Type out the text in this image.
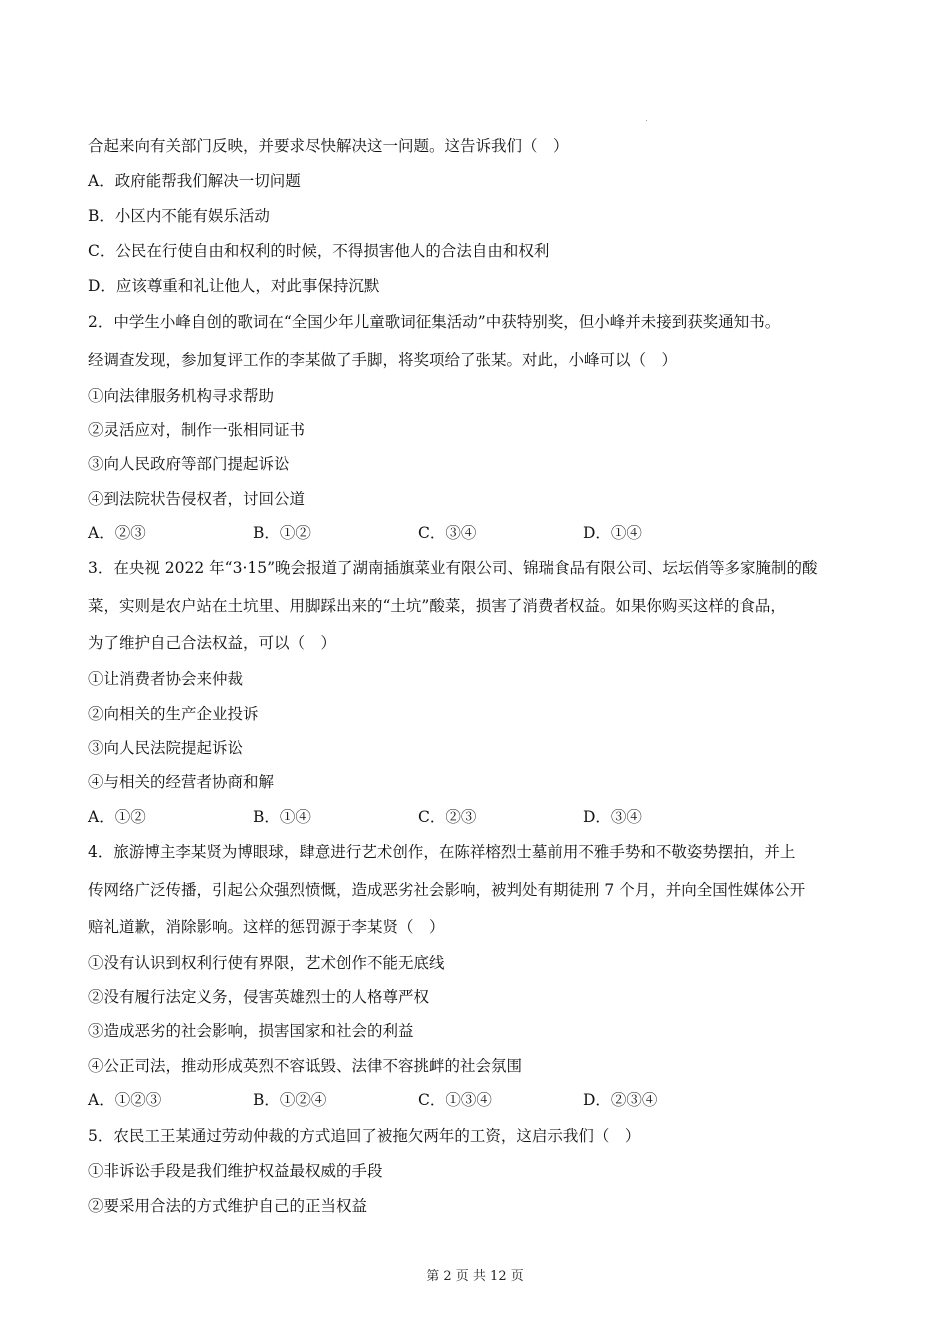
合起来向有关部门反映，并要求尽快解决这一问题。这告诉我们（　）
A．政府能帮我们解决一切问题
B．小区内不能有娱乐活动
C．公民在行使自由和权利的时候，不得损害他人的合法自由和权利
D．应该尊重和礼让他人，对此事保持沉默
2．中学生小峰自创的歌词在“全国少年儿童歌词征集活动”中获特别奖，但小峰并未接到获奖通知书。
经调查发现，参加复评工作的李某做了手脚，将奖项给了张某。对此，小峰可以（　）
①向法律服务机构寻求帮助
②灵活应对，制作一张相同证书
③向人民政府等部门提起诉讼
④到法院状告侵权者，讨回公道
A．②③	B．①②	C．③④	D．①④
3．在央视 2022 年“3·15”晚会报道了湖南插旗菜业有限公司、锦瑞食品有限公司、坛坛俏等多家腌制的酸
菜，实则是农户站在土坑里、用脚踩出来的“土坑”酸菜，损害了消费者权益。如果你购买这样的食品，
为了维护自己合法权益，可以（　）
①让消费者协会来仲裁
②向相关的生产企业投诉
③向人民法院提起诉讼
④与相关的经营者协商和解
A．①②	B．①④	C．②③	D．③④
4．旅游博主李某贤为博眼球，肆意进行艺术创作，在陈祥榕烈士墓前用不雅手势和不敬姿势摆拍，并上
传网络广泛传播，引起公众强烈愤慨，造成恶劣社会影响，被判处有期徒刑 7 个月，并向全国性媒体公开
赔礼道歉，消除影响。这样的惩罚源于李某贤（　）
①没有认识到权利行使有界限，艺术创作不能无底线
②没有履行法定义务，侵害英雄烈士的人格尊严权
③造成恶劣的社会影响，损害国家和社会的利益
④公正司法，推动形成英烈不容诋毁、法律不容挑衅的社会氛围
A．①②③	B．①②④	C．①③④	D．②③④
5．农民工王某通过劳动仲裁的方式追回了被拖欠两年的工资，这启示我们（　）
①非诉讼手段是我们维护权益最权威的手段
②要采用合法的方式维护自己的正当权益
第 2 页 共 12 页
